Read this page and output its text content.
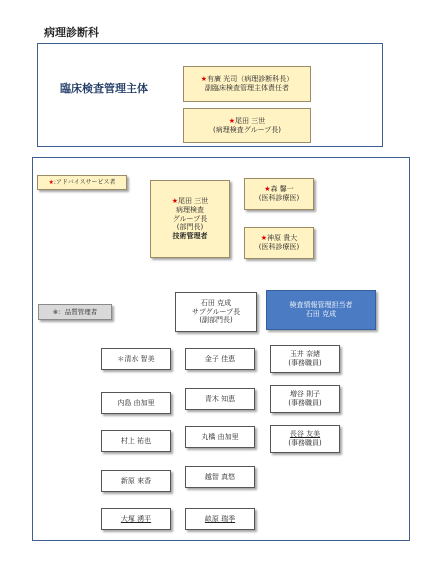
病理診断科
臨床検査管理主体
★有廣 光司（病理診断科長）
副臨床検査管理主体責任者
★尾田 三世
(病理検査グループ長)
★ :アドバイスサービス者
★尾田 三世
病理検査
グループ長
(部門長)
技術管理者
★森 馨一
(医科診療医)
★神原 貴大
(医科診療医)
※：品質管理者
石田 克成
サブグループ長
(副部門長)
検査情報管理担当者
石田 克成
＊清水 智美
内島 由加里
村上 祐也
新原 來香
大塚 湧平
金子 佳恵
青木 知恵
丸橋 由加里
越智 真悠
畝原 瑞季
玉井 奈緒
(事務職員)
増谷 則子
(事務職員)
長谷 友美
(事務職員)
